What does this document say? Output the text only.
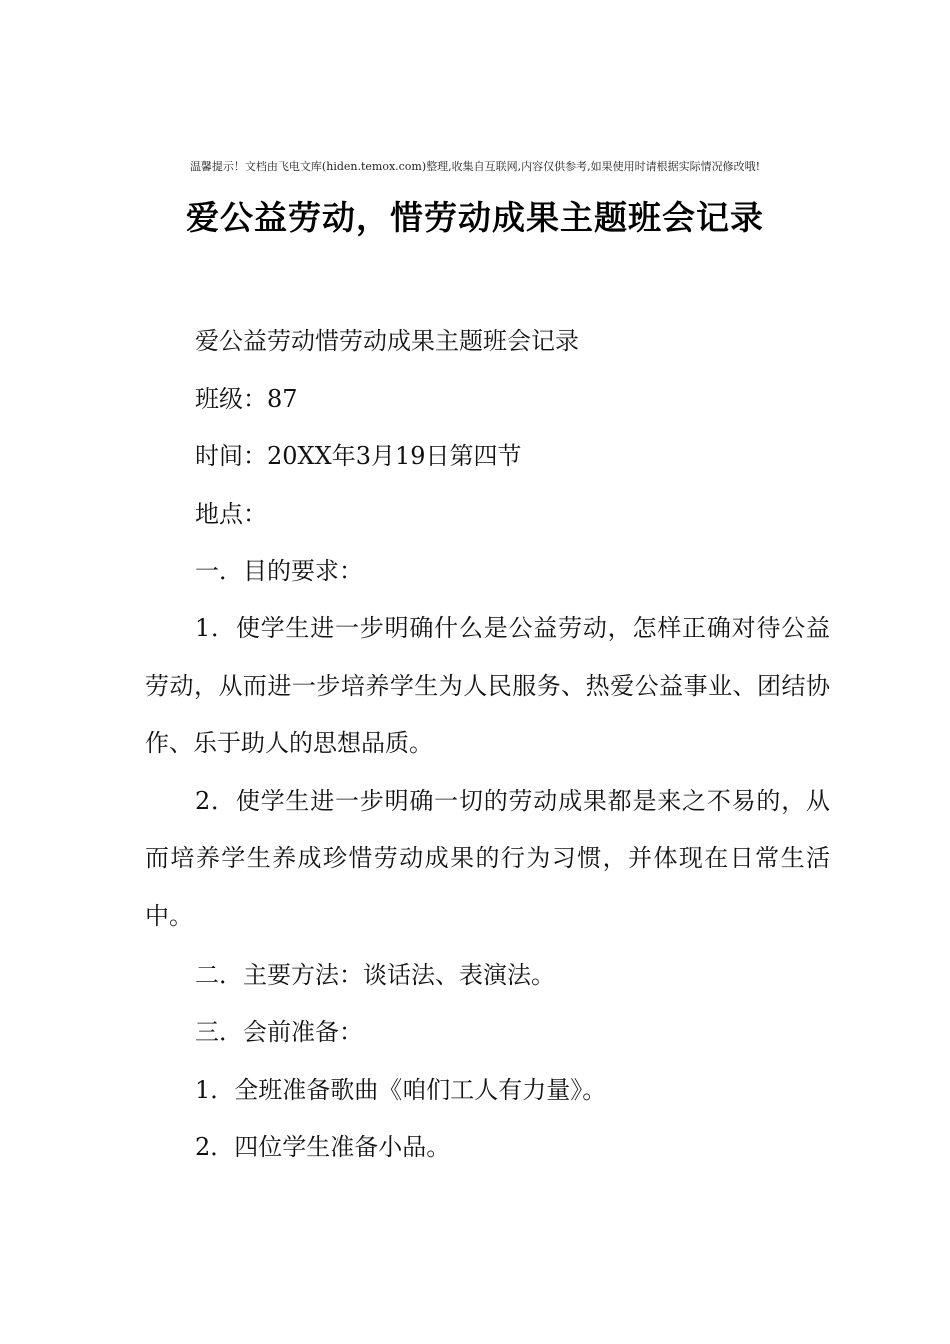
温馨提示！文档由飞电文库(hiden.temox.com)整理,收集自互联网,内容仅供参考,如果使用时请根据实际情况修改哦!
爱公益劳动，惜劳动成果主题班会记录
爱公益劳动惜劳动成果主题班会记录
班级：87
时间：20XX年3月19日第四节
地点：
一．目的要求：

1．使学生进一步明确什么是公益劳动，怎样正确对待公益劳动，从而进一步培养学生为人民服务、热爱公益事业、团结协作、乐于助人的思想品质。

2．使学生进一步明确一切的劳动成果都是来之不易的，从而培养学生养成珍惜劳动成果的行为习惯，并体现在日常生活中。

二．主要方法：谈话法、表演法。
三．会前准备：
1．全班准备歌曲《咱们工人有力量》。
2．四位学生准备小品。
